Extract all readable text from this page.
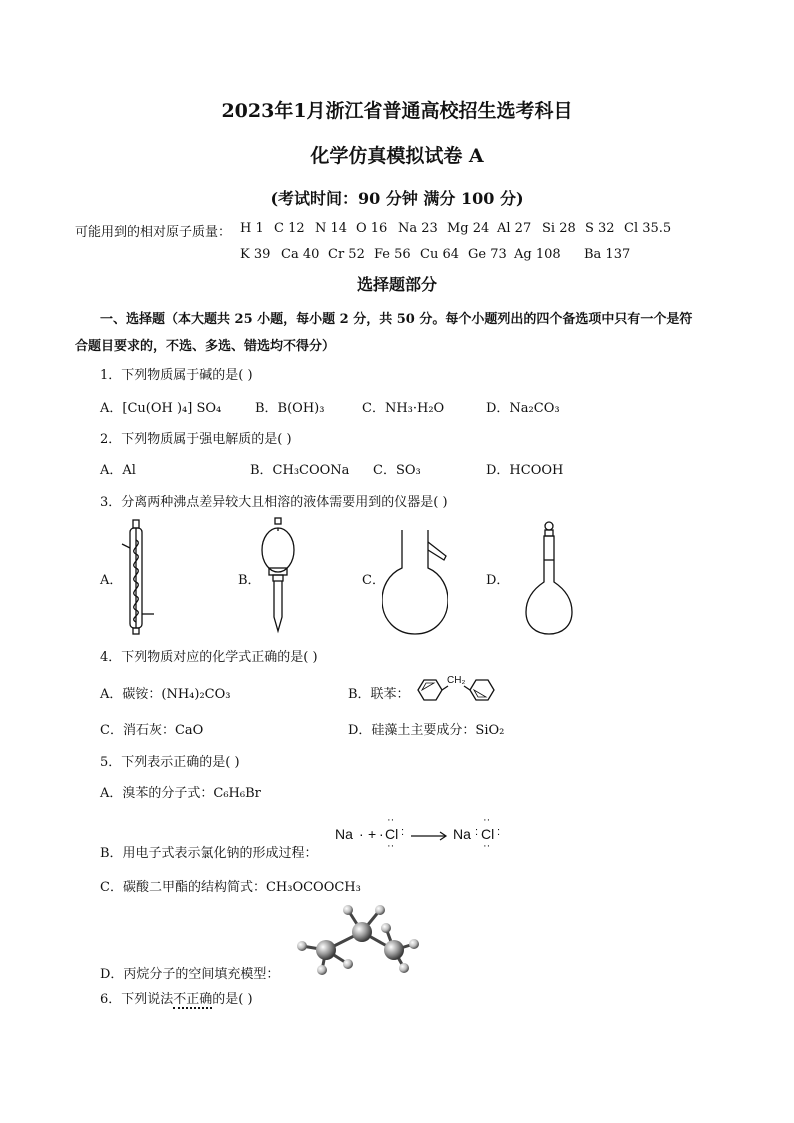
2023年1月浙江省普通高校招生选考科目
化学仿真模拟试卷 A
(考试时间：90 分钟 满分 100 分)
可能用到的相对原子质量： H 1 C 12 N 14 O 16 Na 23 Mg 24 Al 27 Si 28 S 32 Cl 35.5
K 39 Ca 40 Cr 52 Fe 56 Cu 64 Ge 73 Ag 108 Ba 137
选择题部分
一、选择题（本大题共 25 小题，每小题 2 分，共 50 分。每个小题列出的四个备选项中只有一个是符
合题目要求的，不选、多选、错选均不得分）
1．下列物质属于碱的是( )
A．[Cu(OH )₄] SO₄	B．B(OH)₃	C．NH₃·H₂O	D．Na₂CO₃
2．下列物质属于强电解质的是( )
A．Al	B．CH₃COONa C．SO₃	D．HCOOH
3．分离两种沸点差异较大且相溶的液体需要用到的仪器是( )
A．	B．	C．	D．
4．下列物质对应的化学式正确的是( )
A．碳铵：(NH₄)₂CO₃	B．联苯：
CH₂
C．消石灰：CaO	D．硅藻土主要成分：SiO₂
5．下列表示正确的是( )
A．溴苯的分子式：C₆H₆Br
Na · + · Cl :
··
··
Na : Cl :
··
··
B．用电子式表示氯化钠的形成过程：
C．碳酸二甲酯的结构简式：CH₃OCOOCH₃
D．丙烷分子的空间填充模型：
6．下列说法不正确的是( )
